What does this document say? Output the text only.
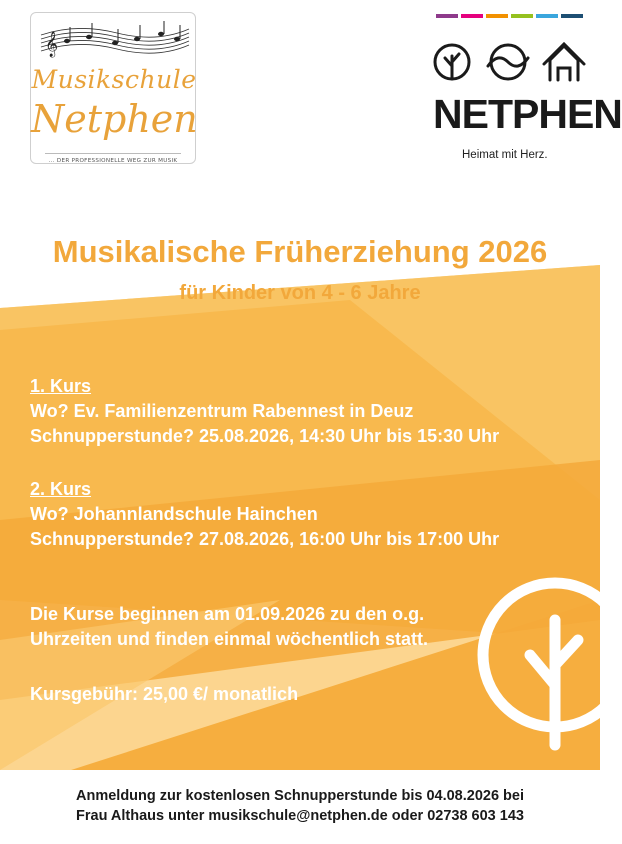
𝄞
Musikschule
Netphen
... DER PROFESSIONELLE WEG ZUR MUSIK
NETPHEN
Heimat mit Herz.
Musikalische Früherziehung 2026
für Kinder von 4 - 6 Jahre
1. Kurs
Wo? Ev. Familienzentrum Rabennest in Deuz
Schnupperstunde? 25.08.2026, 14:30 Uhr bis 15:30 Uhr
2. Kurs
Wo? Johannlandschule Hainchen
Schnupperstunde? 27.08.2026, 16:00 Uhr bis 17:00 Uhr
Die Kurse beginnen am 01.09.2026 zu den o.g.
Uhrzeiten und finden einmal wöchentlich statt.
Kursgebühr: 25,00 €/ monatlich
Anmeldung zur kostenlosen Schnupperstunde bis 04.08.2026 bei
Frau Althaus unter musikschule@netphen.de oder 02738 603 143
